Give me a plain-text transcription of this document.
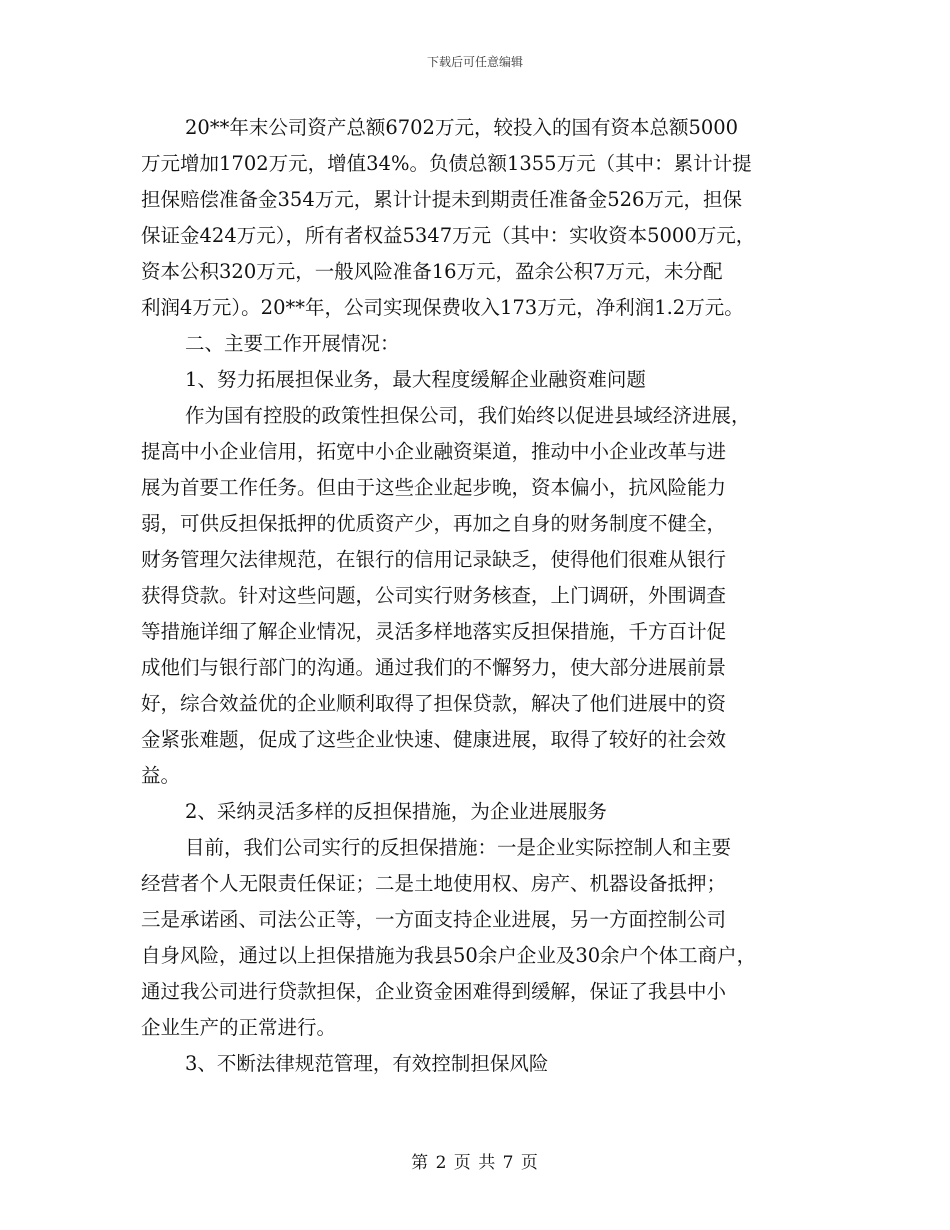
下载后可任意编辑
20**年末公司资产总额6702万元，较投入的国有资本总额5000
万元增加1702万元，增值34%。负债总额1355万元（其中：累计计提
担保赔偿准备金354万元，累计计提未到期责任准备金526万元，担保
保证金424万元），所有者权益5347万元（其中：实收资本5000万元，
资本公积320万元，一般风险准备16万元，盈余公积7万元，未分配
利润4万元）。20**年，公司实现保费收入173万元，净利润1.2万元。
二、主要工作开展情况：
1、努力拓展担保业务，最大程度缓解企业融资难问题
作为国有控股的政策性担保公司，我们始终以促进县域经济进展，
提高中小企业信用，拓宽中小企业融资渠道，推动中小企业改革与进
展为首要工作任务。但由于这些企业起步晚，资本偏小，抗风险能力
弱，可供反担保抵押的优质资产少，再加之自身的财务制度不健全，
财务管理欠法律规范，在银行的信用记录缺乏，使得他们很难从银行
获得贷款。针对这些问题，公司实行财务核查，上门调研，外围调查
等措施详细了解企业情况，灵活多样地落实反担保措施，千方百计促
成他们与银行部门的沟通。通过我们的不懈努力，使大部分进展前景
好，综合效益优的企业顺利取得了担保贷款，解决了他们进展中的资
金紧张难题，促成了这些企业快速、健康进展，取得了较好的社会效
益。
2、采纳灵活多样的反担保措施，为企业进展服务
目前，我们公司实行的反担保措施：一是企业实际控制人和主要
经营者个人无限责任保证；二是土地使用权、房产、机器设备抵押；
三是承诺函、司法公正等，一方面支持企业进展，另一方面控制公司
自身风险，通过以上担保措施为我县50余户企业及30余户个体工商户，
通过我公司进行贷款担保，企业资金困难得到缓解，保证了我县中小
企业生产的正常进行。
3、不断法律规范管理，有效控制担保风险
第 2 页 共 7 页
